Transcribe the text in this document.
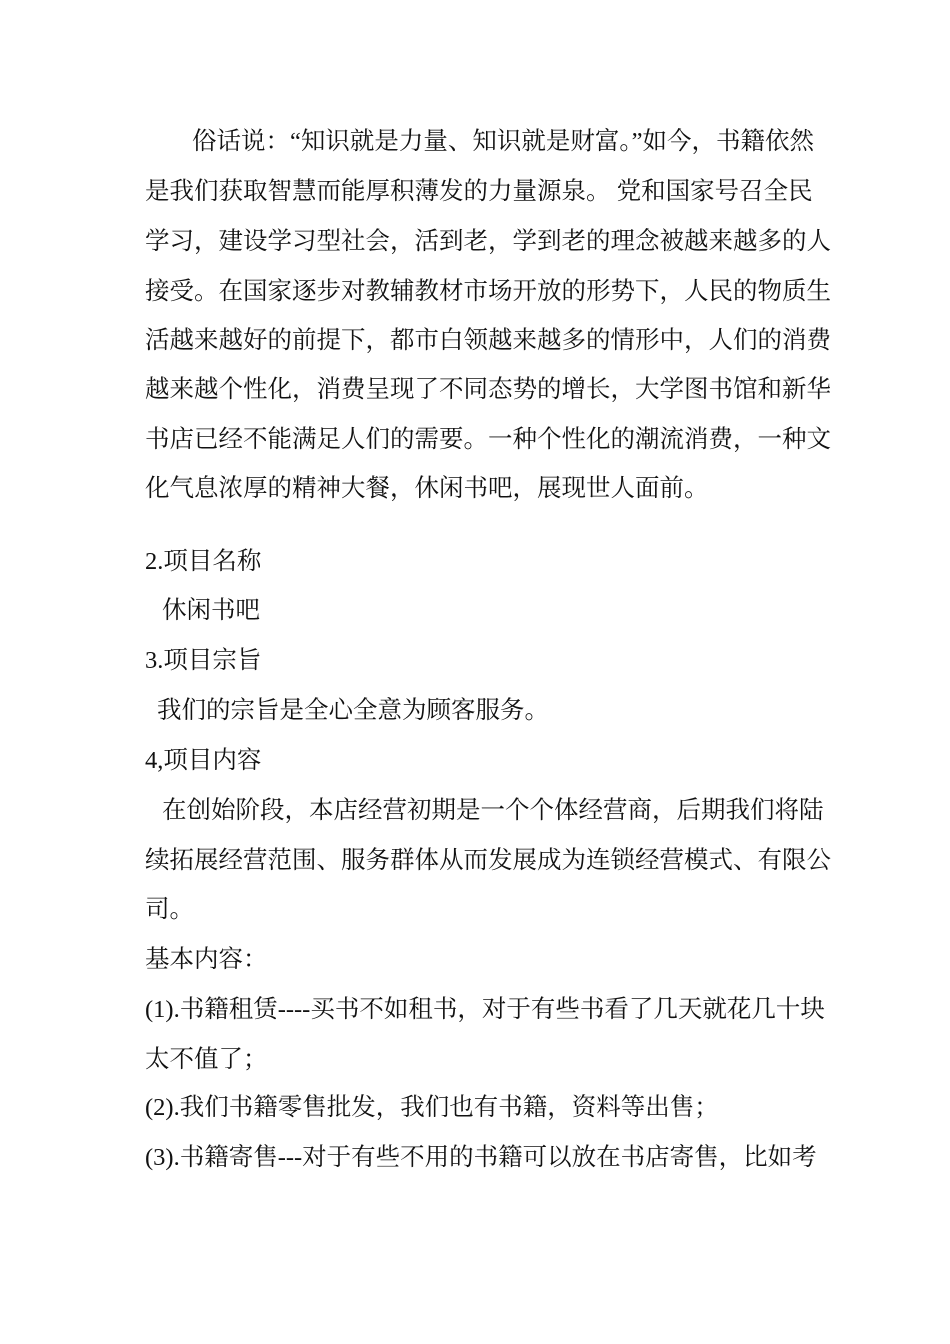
俗话说：“知识就是力量、知识就是财富。”如今，书籍依然
是我们获取智慧而能厚积薄发的力量源泉。 党和国家号召全民
学习，建设学习型社会，活到老，学到老的理念被越来越多的人
接受。在国家逐步对教辅教材市场开放的形势下，人民的物质生
活越来越好的前提下，都市白领越来越多的情形中，人们的消费
越来越个性化，消费呈现了不同态势的增长，大学图书馆和新华
书店已经不能满足人们的需要。一种个性化的潮流消费，一种文
化气息浓厚的精神大餐，休闲书吧，展现世人面前。
2.项目名称
休闲书吧
3.项目宗旨
我们的宗旨是全心全意为顾客服务。
4,项目内容
在创始阶段，本店经营初期是一个个体经营商，后期我们将陆
续拓展经营范围、服务群体从而发展成为连锁经营模式、有限公
司。
基本内容：
(1).书籍租赁----买书不如租书，对于有些书看了几天就花几十块
太不值了；
(2).我们书籍零售批发，我们也有书籍，资料等出售；
(3).书籍寄售---对于有些不用的书籍可以放在书店寄售，比如考
